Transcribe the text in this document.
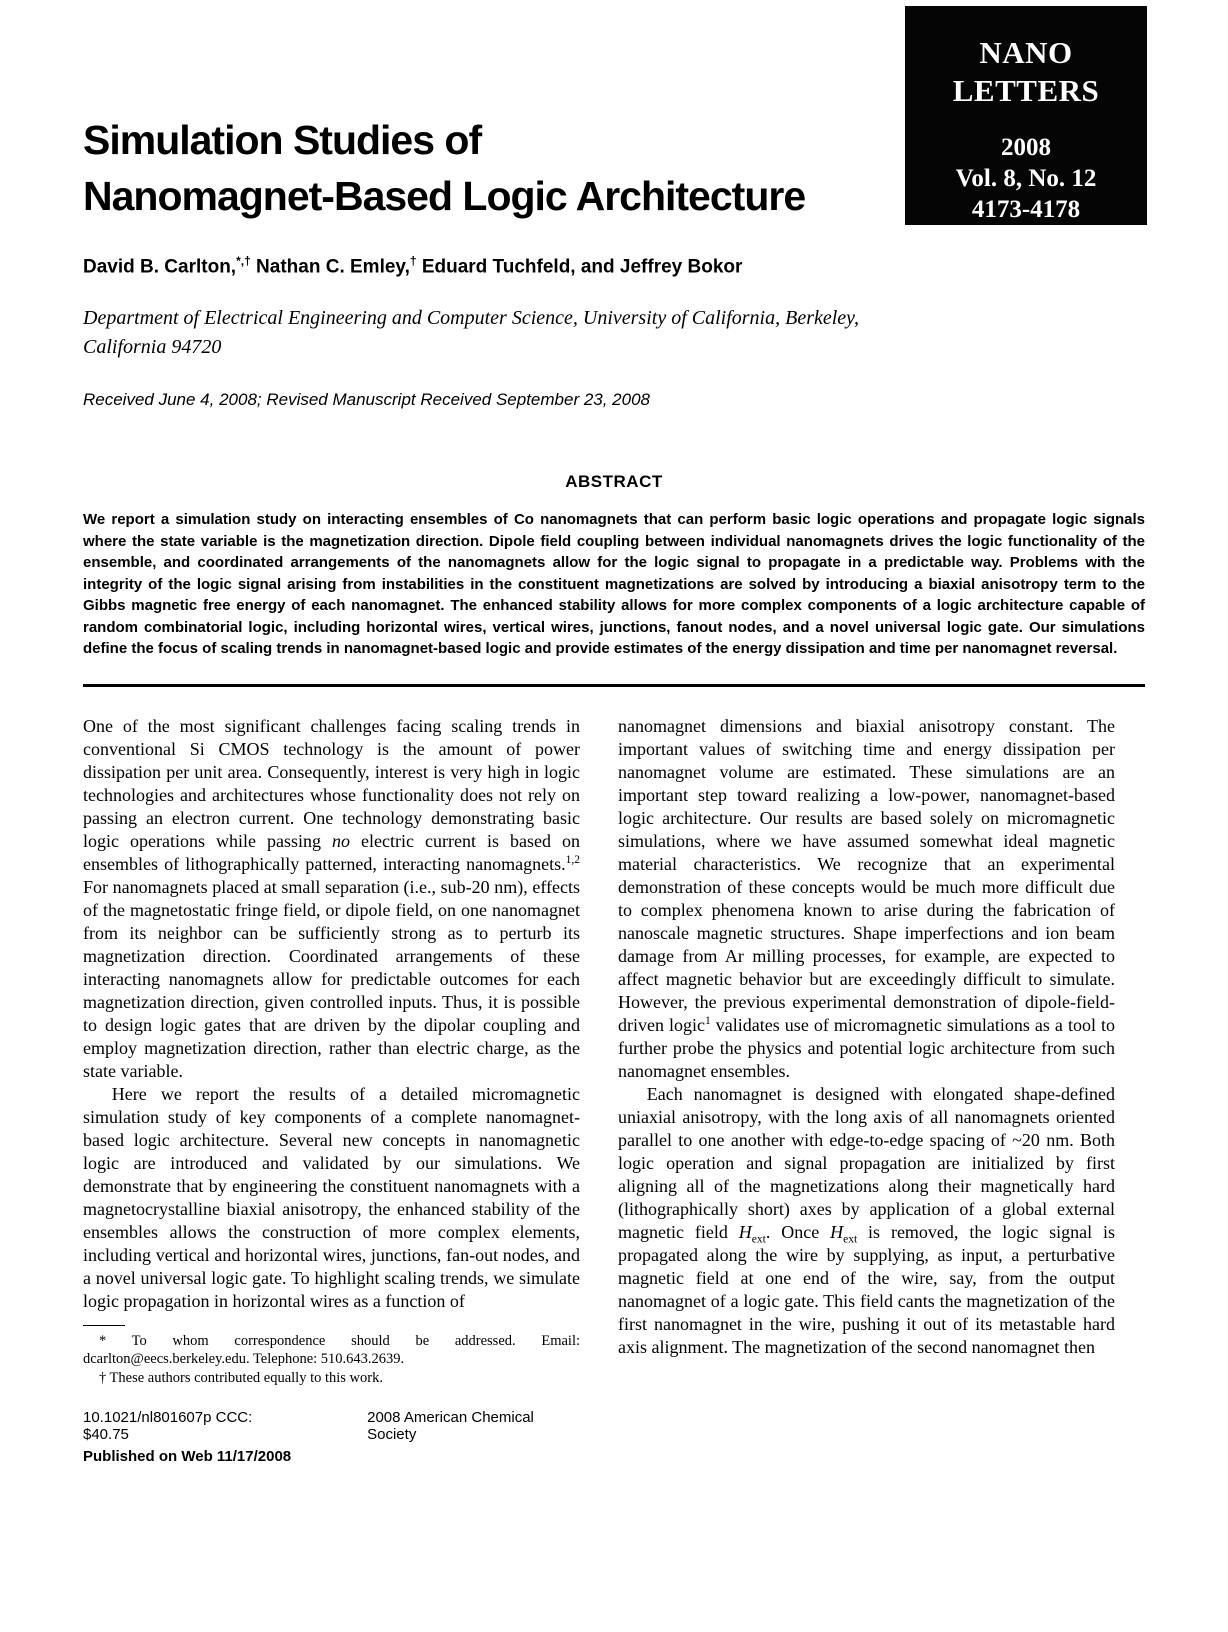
NANO
LETTERS
2008
Vol. 8, No. 12
4173-4178
Simulation Studies of
Nanomagnet-Based Logic Architecture
David B. Carlton,*,† Nathan C. Emley,† Eduard Tuchfeld, and Jeffrey Bokor
Department of Electrical Engineering and Computer Science, University of California, Berkeley, California 94720
Received June 4, 2008; Revised Manuscript Received September 23, 2008
ABSTRACT
We report a simulation study on interacting ensembles of Co nanomagnets that can perform basic logic operations and propagate logic signals where the state variable is the magnetization direction. Dipole field coupling between individual nanomagnets drives the logic functionality of the ensemble, and coordinated arrangements of the nanomagnets allow for the logic signal to propagate in a predictable way. Problems with the integrity of the logic signal arising from instabilities in the constituent magnetizations are solved by introducing a biaxial anisotropy term to the Gibbs magnetic free energy of each nanomagnet. The enhanced stability allows for more complex components of a logic architecture capable of random combinatorial logic, including horizontal wires, vertical wires, junctions, fanout nodes, and a novel universal logic gate. Our simulations define the focus of scaling trends in nanomagnet-based logic and provide estimates of the energy dissipation and time per nanomagnet reversal.

One of the most significant challenges facing scaling trends in conventional Si CMOS technology is the amount of power dissipation per unit area. Consequently, interest is very high in logic technologies and architectures whose functionality does not rely on passing an electron current. One technology demonstrating basic logic operations while passing no electric current is based on ensembles of lithographically patterned, interacting nanomagnets.$^{1,2}$ For nanomagnets placed at small separation (i.e., sub-20 nm), effects of the magnetostatic fringe field, or dipole field, on one nanomagnet from its neighbor can be sufficiently strong as to perturb its magnetization direction. Coordinated arrangements of these interacting nanomagnets allow for predictable outcomes for each magnetization direction, given controlled inputs. Thus, it is possible to design logic gates that are driven by the dipolar coupling and employ magnetization direction, rather than electric charge, as the state variable.

Here we report the results of a detailed micromagnetic simulation study of key components of a complete nanomagnet-based logic architecture. Several new concepts in nanomagnetic logic are introduced and validated by our simulations. We demonstrate that by engineering the constituent nanomagnets with a magnetocrystalline biaxial anisotropy, the enhanced stability of the ensembles allows the construction of more complex elements, including vertical and horizontal wires, junctions, fan-out nodes, and a novel universal logic gate. To highlight scaling trends, we simulate logic propagation in horizontal wires as a function of

* To whom correspondence should be addressed. Email: dcarlton@eecs.berkeley.edu. Telephone: 510.643.2639.

† These authors contributed equally to this work.

10.1021/nl801607p CCC: $40.75
2008 American Chemical Society
Published on Web 11/17/2008

nanomagnet dimensions and biaxial anisotropy constant. The important values of switching time and energy dissipation per nanomagnet volume are estimated. These simulations are an important step toward realizing a low-power, nanomagnet-based logic architecture. Our results are based solely on micromagnetic simulations, where we have assumed somewhat ideal magnetic material characteristics. We recognize that an experimental demonstration of these concepts would be much more difficult due to complex phenomena known to arise during the fabrication of nanoscale magnetic structures. Shape imperfections and ion beam damage from Ar milling processes, for example, are expected to affect magnetic behavior but are exceedingly difficult to simulate. However, the previous experimental demonstration of dipole-field-driven logic$^1$ validates use of micromagnetic simulations as a tool to further probe the physics and potential logic architecture from such nanomagnet ensembles.

Each nanomagnet is designed with elongated shape-defined uniaxial anisotropy, with the long axis of all nanomagnets oriented parallel to one another with edge-to-edge spacing of ~20 nm. Both logic operation and signal propagation are initialized by first aligning all of the magnetizations along their magnetically hard (lithographically short) axes by application of a global external magnetic field $H_{ext}$. Once $H_{ext}$ is removed, the logic signal is propagated along the wire by supplying, as input, a perturbative magnetic field at one end of the wire, say, from the output nanomagnet of a logic gate. This field cants the magnetization of the first nanomagnet in the wire, pushing it out of its metastable hard axis alignment. The magnetization of the second nanomagnet then
